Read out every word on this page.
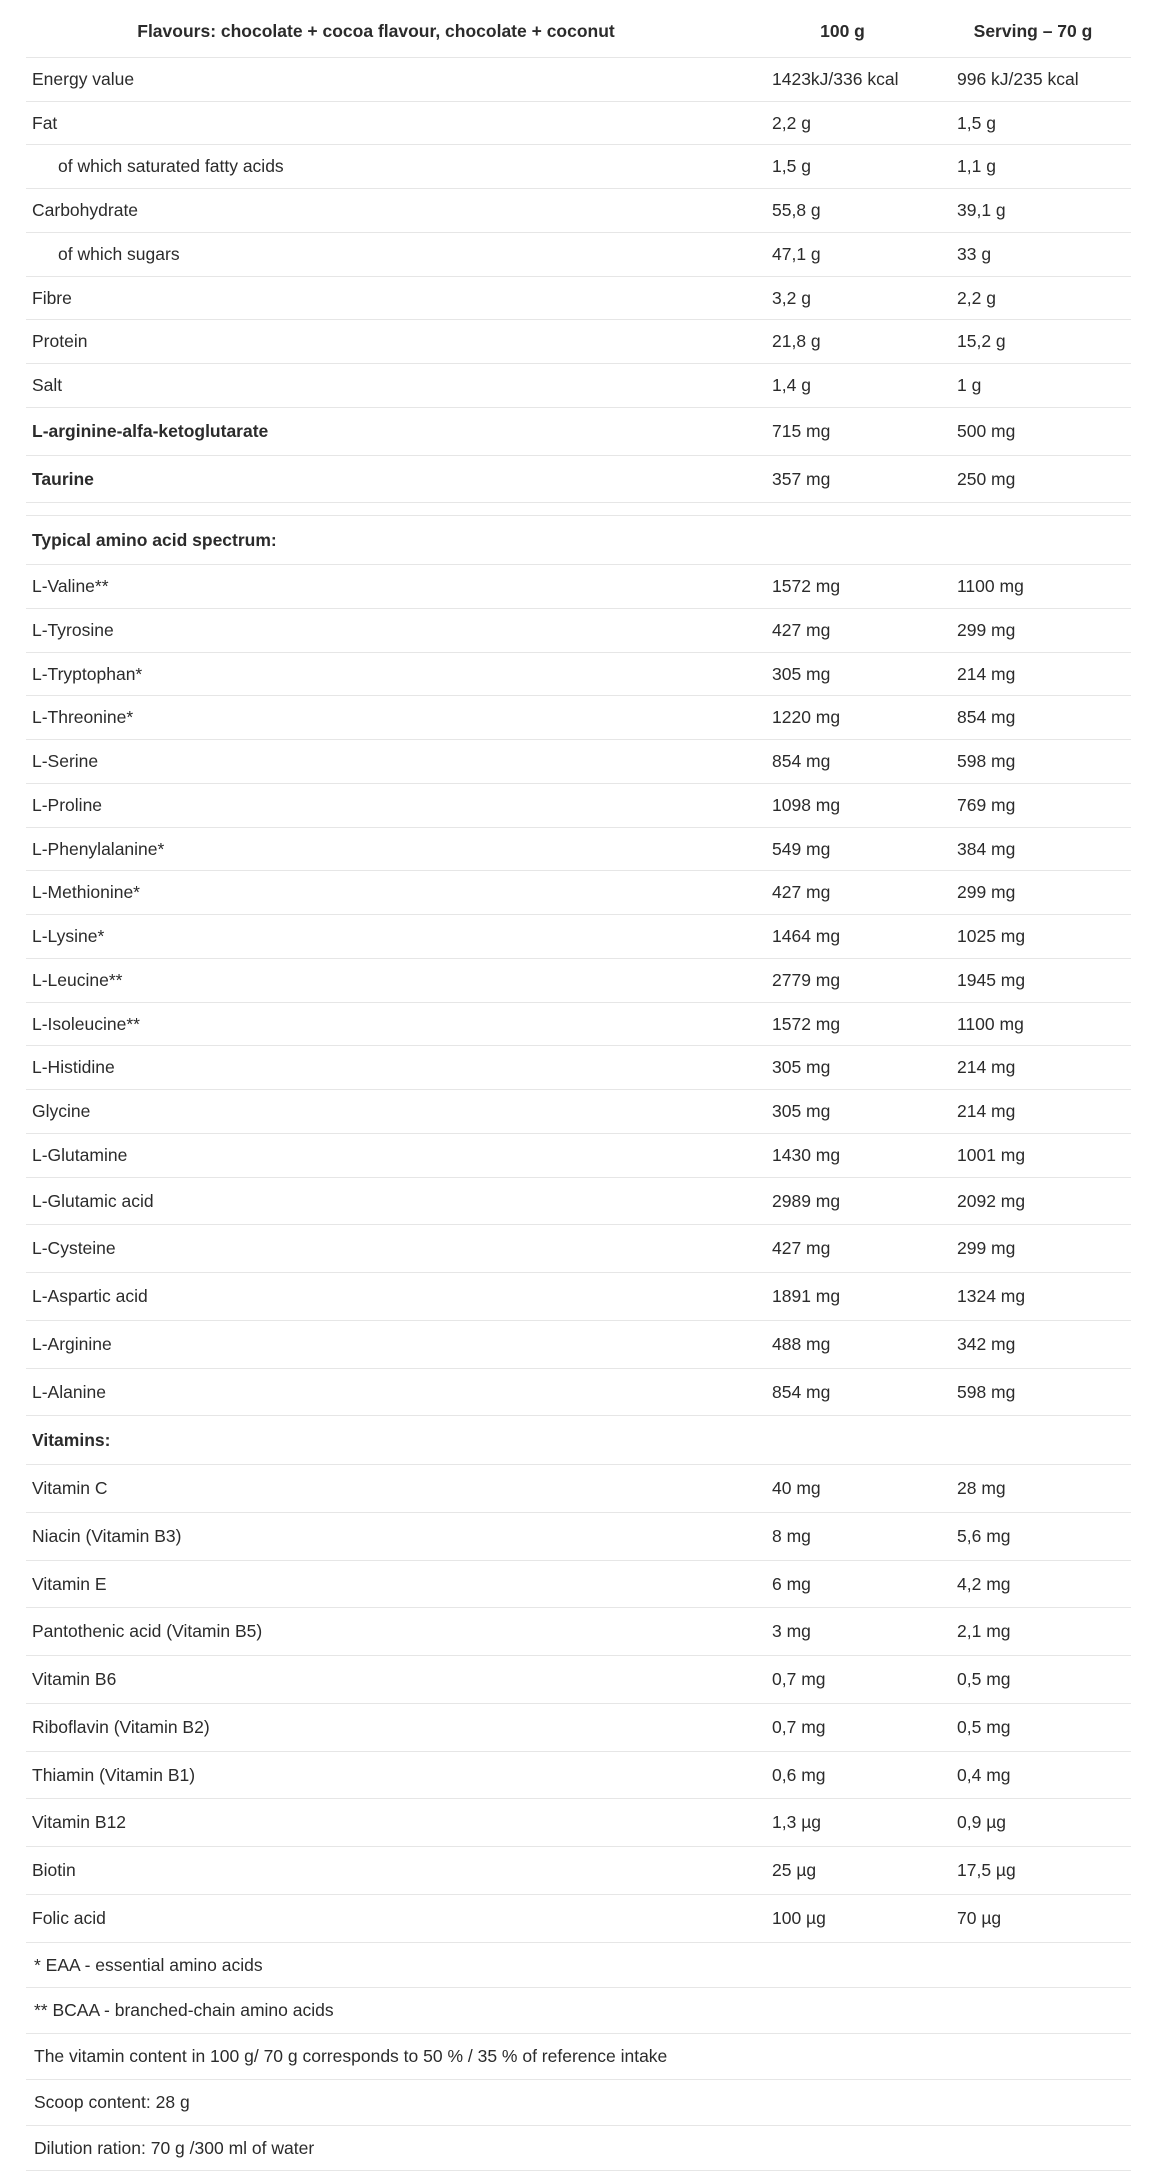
Flavours: chocolate + cocoa flavour, chocolate + coconut	100 g	Serving – 70 g
Energy value	1423kJ/336 kcal	996 kJ/235 kcal
Fat	2,2 g	1,5 g
of which saturated fatty acids	1,5 g	1,1 g
Carbohydrate	55,8 g	39,1 g
of which sugars	47,1 g	33 g
Fibre	3,2 g	2,2 g
Protein	21,8 g	15,2 g
Salt	1,4 g	1 g
L-arginine-alfa-ketoglutarate	715 mg	500 mg
Taurine	357 mg	250 mg

Typical amino acid spectrum:		
L-Valine**	1572 mg	1100 mg
L-Tyrosine	427 mg	299 mg
L-Tryptophan*	305 mg	214 mg
L-Threonine*	1220 mg	854 mg
L-Serine	854 mg	598 mg
L-Proline	1098 mg	769 mg
L-Phenylalanine*	549 mg	384 mg
L-Methionine*	427 mg	299 mg
L-Lysine*	1464 mg	1025 mg
L-Leucine**	2779 mg	1945 mg
L-Isoleucine**	1572 mg	1100 mg
L-Histidine	305 mg	214 mg
Glycine	305 mg	214 mg
L-Glutamine	1430 mg	1001 mg
L-Glutamic acid	2989 mg	2092 mg
L-Cysteine	427 mg	299 mg
L-Aspartic acid	1891 mg	1324 mg
L-Arginine	488 mg	342 mg
L-Alanine	854 mg	598 mg
Vitamins:		
Vitamin C	40 mg	28 mg
Niacin (Vitamin B3)	8 mg	5,6 mg
Vitamin E	6 mg	4,2 mg
Pantothenic acid (Vitamin B5)	3 mg	2,1 mg
Vitamin B6	0,7 mg	0,5 mg
Riboflavin (Vitamin B2)	0,7 mg	0,5 mg
Thiamin (Vitamin B1)	0,6 mg	0,4 mg
Vitamin B12	1,3 µg	0,9 µg
Biotin	25 µg	17,5 µg
Folic acid	100 µg	70 µg
* EAA - essential amino acids		
** BCAA - branched-chain amino acids		
The vitamin content in 100 g/ 70 g corresponds to 50 % / 35 % of reference intake		
Scoop content: 28 g		
Dilution ration: 70 g /300 ml of water		
